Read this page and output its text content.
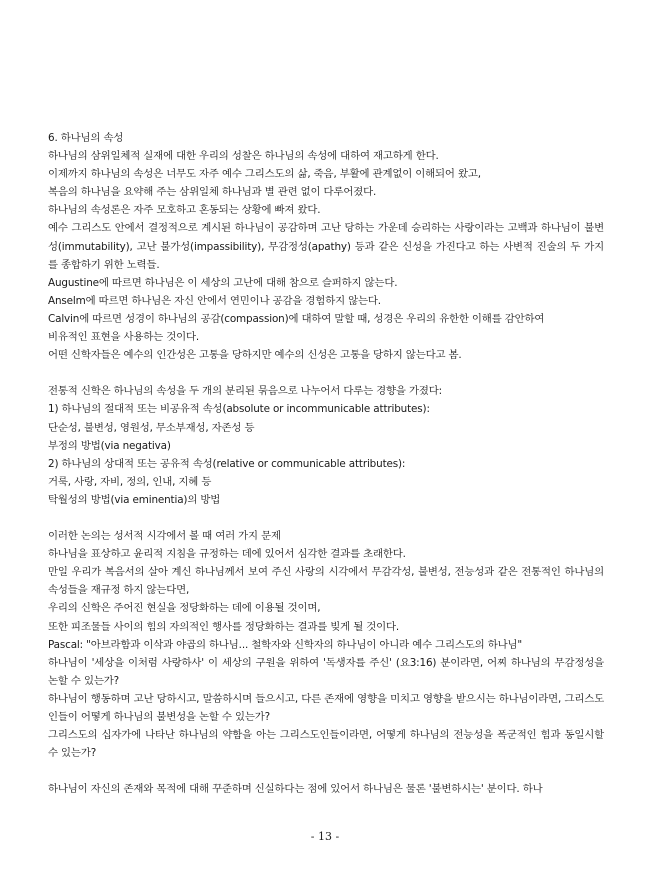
6. 하나님의 속성
하나님의 삼위일체적 실재에 대한 우리의 성찰은 하나님의 속성에 대하여 재고하게 한다.
이제까지 하나님의 속성은 너무도 자주 예수 그리스도의 삶, 죽음, 부활에 관계없이 이해되어 왔고,
복음의 하나님을 요약해 주는 삼위일체 하나님과 별 관련 없이 다루어졌다.
하나님의 속성론은 자주 모호하고 혼동되는 상황에 빠져 왔다.
예수 그리스도 안에서 결정적으로 계시된 하나님이 공감하며 고난 당하는 가운데 승리하는 사랑이라는 고백과 하나님이 불변성(immutability), 고난 불가성(impassibility), 무감정성(apathy) 등과 같은 신성을 가진다고 하는 사변적 진술의 두 가지를 종합하기 위한 노력들.
Augustine에 따르면 하나님은 이 세상의 고난에 대해 참으로 슬퍼하지 않는다.
Anselm에 따르면 하나님은 자신 안에서 연민이나 공감을 경험하지 않는다.
Calvin에 따르면 성경이 하나님의 공감(compassion)에 대하여 말할 때, 성경은 우리의 유한한 이해를 감안하여
비유적인 표현을 사용하는 것이다.
어떤 신학자들은 예수의 인간성은 고통을 당하지만 예수의 신성은 고통을 당하지 않는다고 봄.
전통적 신학은 하나님의 속성을 두 개의 분리된 묶음으로 나누어서 다루는 경향을 가졌다:
1) 하나님의 절대적 또는 비공유적 속성(absolute or incommunicable attributes):
단순성, 불변성, 영원성, 무소부재성, 자존성 등
부정의 방법(via negativa)
2) 하나님의 상대적 또는 공유적 속성(relative or communicable attributes):
거룩, 사랑, 자비, 정의, 인내, 지혜 등
탁월성의 방법(via eminentia)의 방법
이러한 논의는 성서적 시각에서 볼 때 여러 가지 문제
하나님을 표상하고 윤리적 지침을 규정하는 데에 있어서 심각한 결과를 초래한다.
만일 우리가 복음서의 살아 계신 하나님께서 보여 주신 사랑의 시각에서 무감각성, 불변성, 전능성과 같은 전통적인 하나님의 속성들을 재규정 하지 않는다면,
우리의 신학은 주어진 현실을 정당화하는 데에 이용될 것이며,
또한 피조물들 사이의 힘의 자의적인 행사를 정당화하는 결과를 빚게 될 것이다.
Pascal: "아브라함과 이삭과 야곱의 하나님... 철학자와 신학자의 하나님이 아니라 예수 그리스도의 하나님"
하나님이 '세상을 이처럼 사랑하사' 이 세상의 구원을 위하여 '독생자를 주신' (요3:16) 분이라면, 어찌 하나님의 무감정성을 논할 수 있는가?
하나님이 행동하며 고난 당하시고, 말씀하시며 들으시고, 다른 존재에 영향을 미치고 영향을 받으시는 하나님이라면, 그리스도인들이 어떻게 하나님의 불변성을 논할 수 있는가?
그리스도의 십자가에 나타난 하나님의 약함을 아는 그리스도인들이라면, 어떻게 하나님의 전능성을 폭군적인 힘과 동일시할 수 있는가?
하나님이 자신의 존재와 목적에 대해 꾸준하며 신실하다는 점에 있어서 하나님은 물론 '불변하시는' 분이다. 하나
- 13 -
